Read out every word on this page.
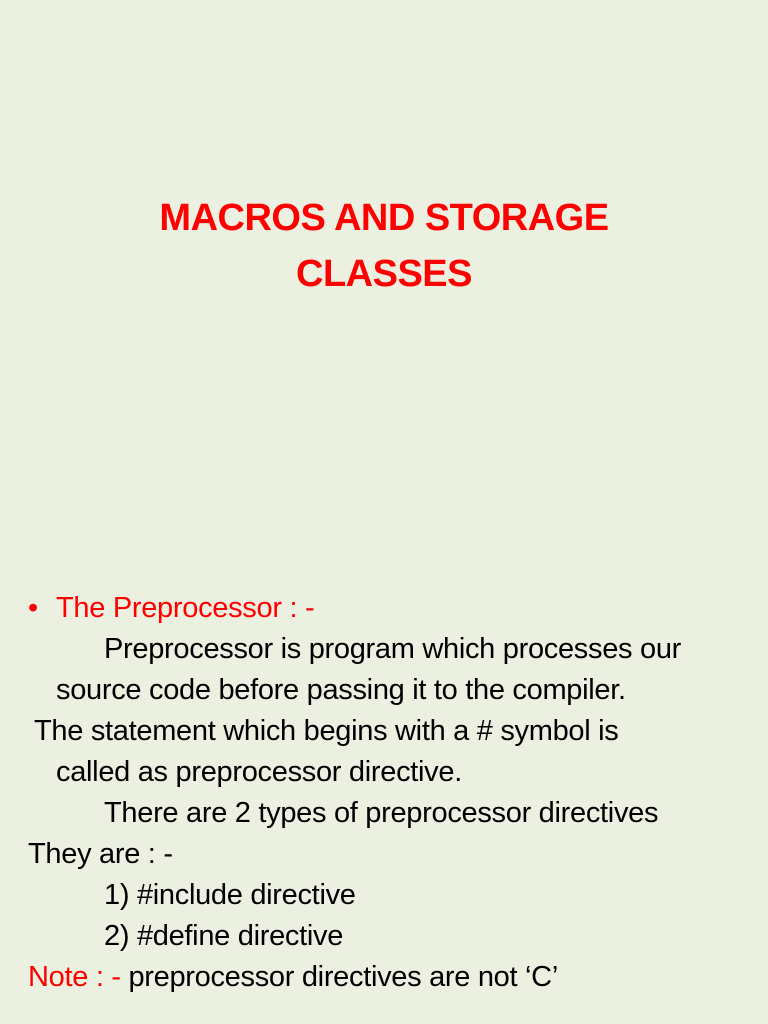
MACROS AND STORAGE
CLASSES
• The Preprocessor : -
Preprocessor is program which processes our
source code before passing it to the compiler.
The statement which begins with a # symbol is
called as preprocessor directive.
There are 2 types of preprocessor directives
They are : -
1) #include directive
2) #define directive
Note : - preprocessor directives are not ‘C’
